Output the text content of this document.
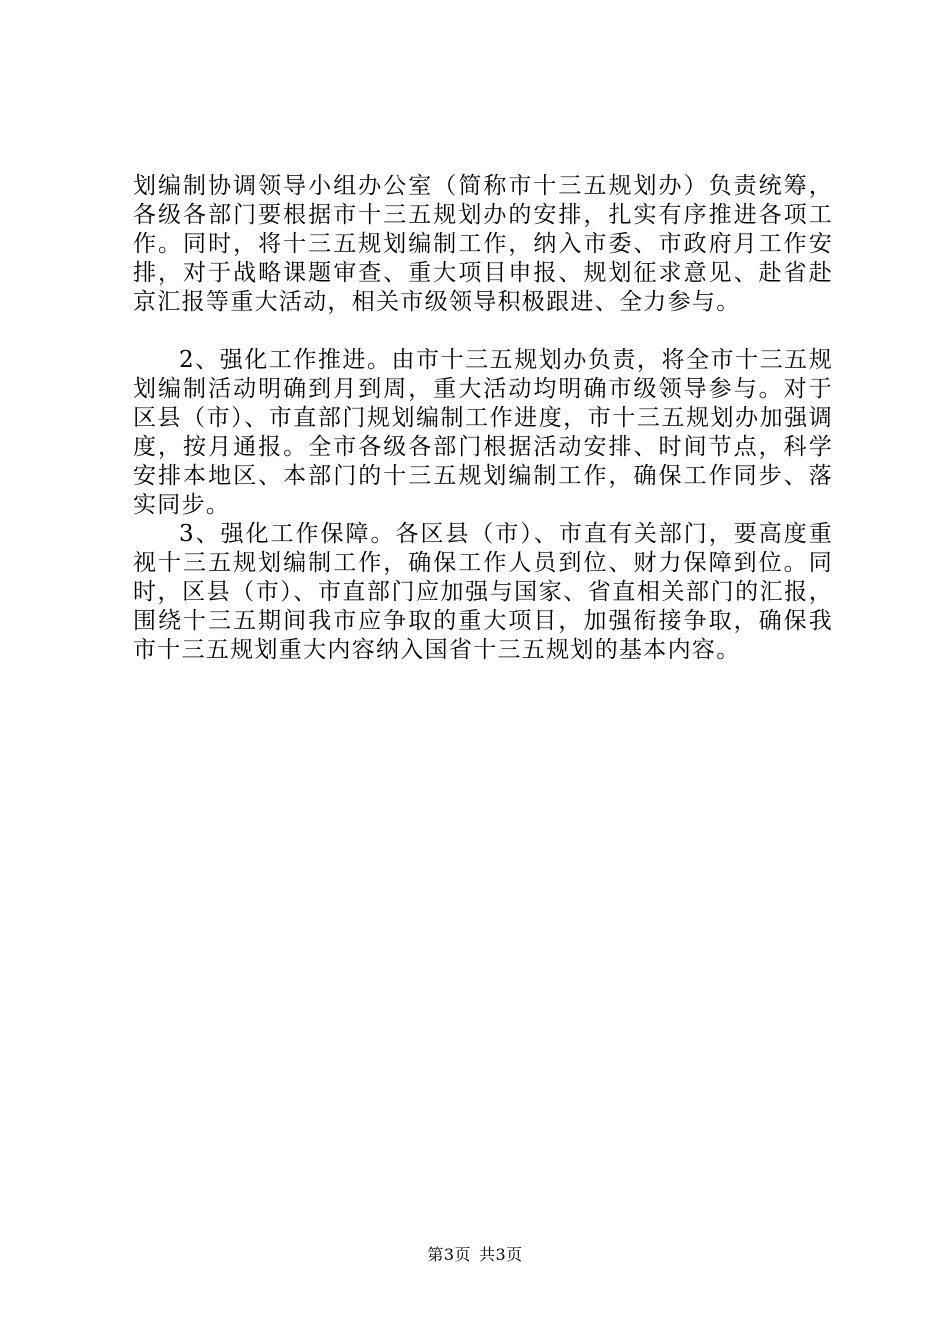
划编制协调领导小组办公室（简称市十三五规划办）负责统筹，各级各部门要根据市十三五规划办的安排，扎实有序推进各项工作。同时，将十三五规划编制工作，纳入市委、市政府月工作安排，对于战略课题审查、重大项目申报、规划征求意见、赴省赴京汇报等重大活动，相关市级领导积极跟进、全力参与。

2、强化工作推进。由市十三五规划办负责，将全市十三五规划编制活动明确到月到周，重大活动均明确市级领导参与。对于区县（市）、市直部门规划编制工作进度，市十三五规划办加强调度，按月通报。全市各级各部门根据活动安排、时间节点，科学安排本地区、本部门的十三五规划编制工作，确保工作同步、落实同步。

3、强化工作保障。各区县（市）、市直有关部门，要高度重视十三五规划编制工作，确保工作人员到位、财力保障到位。同时，区县（市）、市直部门应加强与国家、省直相关部门的汇报，围绕十三五期间我市应争取的重大项目，加强衔接争取，确保我市十三五规划重大内容纳入国省十三五规划的基本内容。

第3页 共3页
